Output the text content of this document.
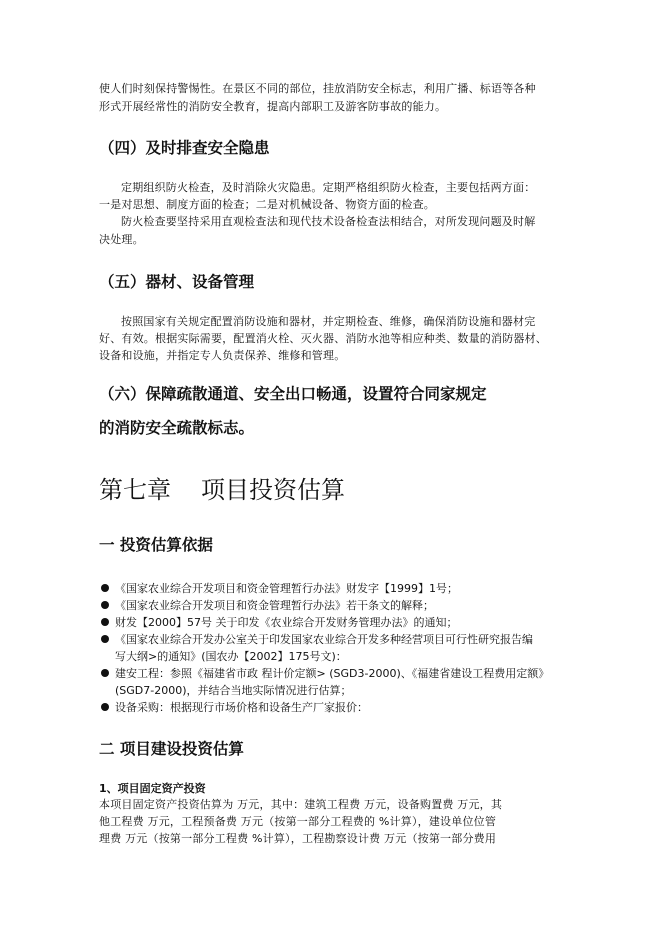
使人们时刻保持警惕性。在景区不同的部位，挂放消防安全标志，利用广播、标语等各种
形式开展经常性的消防安全教育，提高内部职工及游客防事故的能力。
（四）及时排查安全隐患
定期组织防火检查，及时消除火灾隐患。定期严格组织防火检查，主要包括两方面：
一是对思想、制度方面的检查；二是对机械设备、物资方面的检查。
防火检查要坚持采用直观检查法和现代技术设备检查法相结合，对所发现问题及时解
决处理。
（五）器材、设备管理
按照国家有关规定配置消防设施和器材，并定期检查、维修，确保消防设施和器材完
好、有效。根据实际需要，配置消火栓、灭火器、消防水池等相应种类、数量的消防器材、
设备和设施，并指定专人负责保养、维修和管理。
（六）保障疏散通道、安全出口畅通，设置符合同家规定
的消防安全疏散标志。
第七章 项目投资估算
一 投资估算依据
《国家农业综合开发项目和资金管理暂行办法》财发字【1999】1号；
《国家农业综合开发项目和资金管理暂行办法》若干条文的解释；
财发【2000】57号 关于印发《农业综合开发财务管理办法》的通知；
《国家农业综合开发办公室关于印发国家农业综合开发多种经营项目可行性研究报告编
写大纲>的通知》(国农办【2002】175号文)：
建安工程：参照《福建省市政 程计价定额> (SGD3-2000)、《福建省建设工程费用定额》
(SGD7-2000)，并结合当地实际情况进行估算；
设备采购：根据现行市场价格和设备生产厂家报价：
二 项目建设投资估算
1、项目固定资产投资
本项目固定资产投资估算为 万元，其中：建筑工程费 万元，设备购置费 万元，其
他工程费 万元，工程预备费 万元（按第一部分工程费的 %计算），建设单位位管
理费 万元（按第一部分工程费 %计算），工程勘察设计费 万元（按第一部分费用
